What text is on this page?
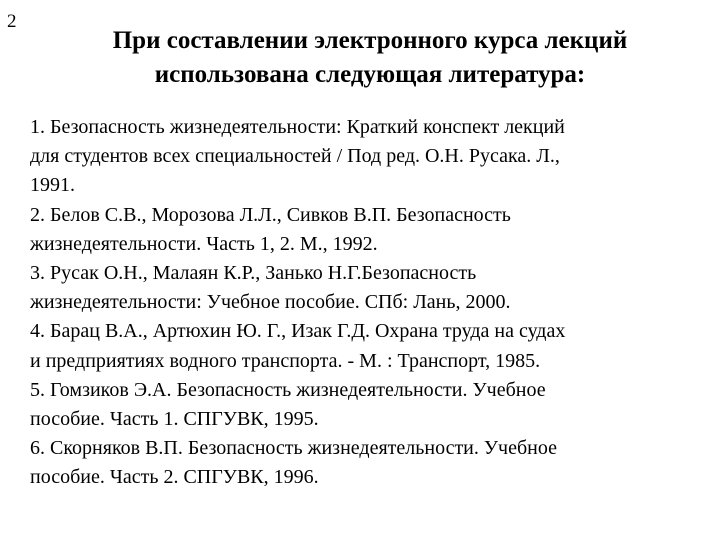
2
При составлении электронного курса лекций
использована следующая литература:
1. Безопасность жизнедеятельности: Краткий конспект лекций
для студентов всех специальностей / Под ред. О.Н. Русака. Л.,
1991.
2. Белов С.В., Морозова Л.Л., Сивков В.П. Безопасность
жизнедеятельности. Часть 1, 2. М., 1992.
3. Русак О.Н., Малаян К.Р., Занько Н.Г.Безопасность
жизнедеятельности: Учебное пособие. СПб: Лань, 2000.
4. Барац В.А., Артюхин Ю. Г., Изак Г.Д. Охрана труда на судах
и предприятиях водного транспорта. - М. : Транспорт, 1985.
5. Гомзиков Э.А. Безопасность жизнедеятельности. Учебное
пособие. Часть 1. СПГУВК, 1995.
6. Скорняков В.П. Безопасность жизнедеятельности. Учебное
пособие. Часть 2. СПГУВК, 1996.
